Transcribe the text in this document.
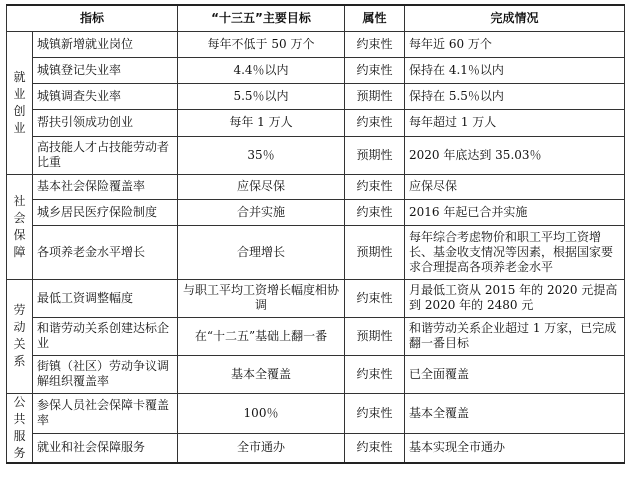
指标		“十三五”主要目标	属性	完成情况
就业创业	城镇新增就业岗位	每年不低于 50 万个	约束性	每年近 60 万个
	城镇登记失业率	4.4％以内	约束性	保持在 4.1％以内
	城镇调查失业率	5.5％以内	预期性	保持在 5.5％以内
	帮扶引领成功创业	每年 1 万人	约束性	每年超过 1 万人
	高技能人才占技能劳动者比重	35％	预期性	2020 年底达到 35.03％
社会保障	基本社会保险覆盖率	应保尽保	约束性	应保尽保
	城乡居民医疗保险制度	合并实施	约束性	2016 年起已合并实施
	各项养老金水平增长	合理增长	预期性	每年综合考虑物价和职工平均工资增长、基金收支情况等因素，根据国家要求合理提高各项养老金水平
劳动关系	最低工资调整幅度	与职工平均工资增长幅度相协调	约束性	月最低工资从 2015 年的 2020 元提高到 2020 年的 2480 元
	和谐劳动关系创建达标企业	在“十二五”基础上翻一番	预期性	和谐劳动关系企业超过 1 万家，已完成翻一番目标
	街镇（社区）劳动争议调解组织覆盖率	基本全覆盖	约束性	已全面覆盖
公共服务	参保人员社会保障卡覆盖率	100％	约束性	基本全覆盖
	就业和社会保障服务	全市通办	约束性	基本实现全市通办
